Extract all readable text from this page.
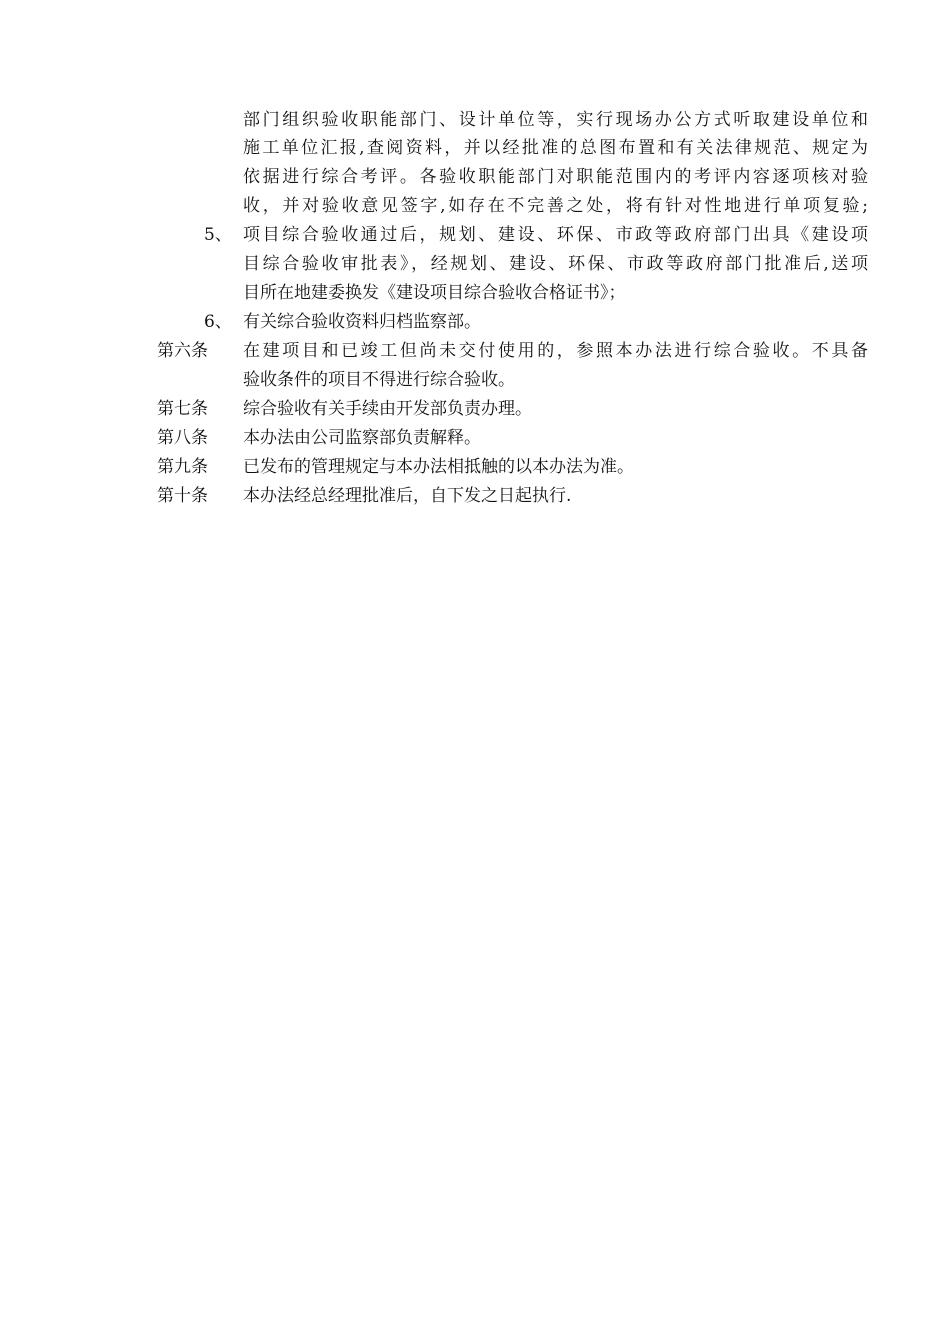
部门组织验收职能部门、设计单位等，实行现场办公方式听取建设单位和
施工单位汇报,查阅资料，并以经批准的总图布置和有关法律规范、规定为
依据进行综合考评。各验收职能部门对职能范围内的考评内容逐项核对验
收，并对验收意见签字,如存在不完善之处，将有针对性地进行单项复验;
5、 项目综合验收通过后，规划、建设、环保、市政等政府部门出具《建设项
目综合验收审批表》，经规划、建设、环保、市政等政府部门批准后,送项
目所在地建委换发《建设项目综合验收合格证书》；
6、 有关综合验收资料归档监察部。
第六条 在建项目和已竣工但尚未交付使用的，参照本办法进行综合验收。不具备
验收条件的项目不得进行综合验收。
第七条 综合验收有关手续由开发部负责办理。
第八条 本办法由公司监察部负责解释。
第九条 已发布的管理规定与本办法相抵触的以本办法为准。
第十条 本办法经总经理批准后，自下发之日起执行.
